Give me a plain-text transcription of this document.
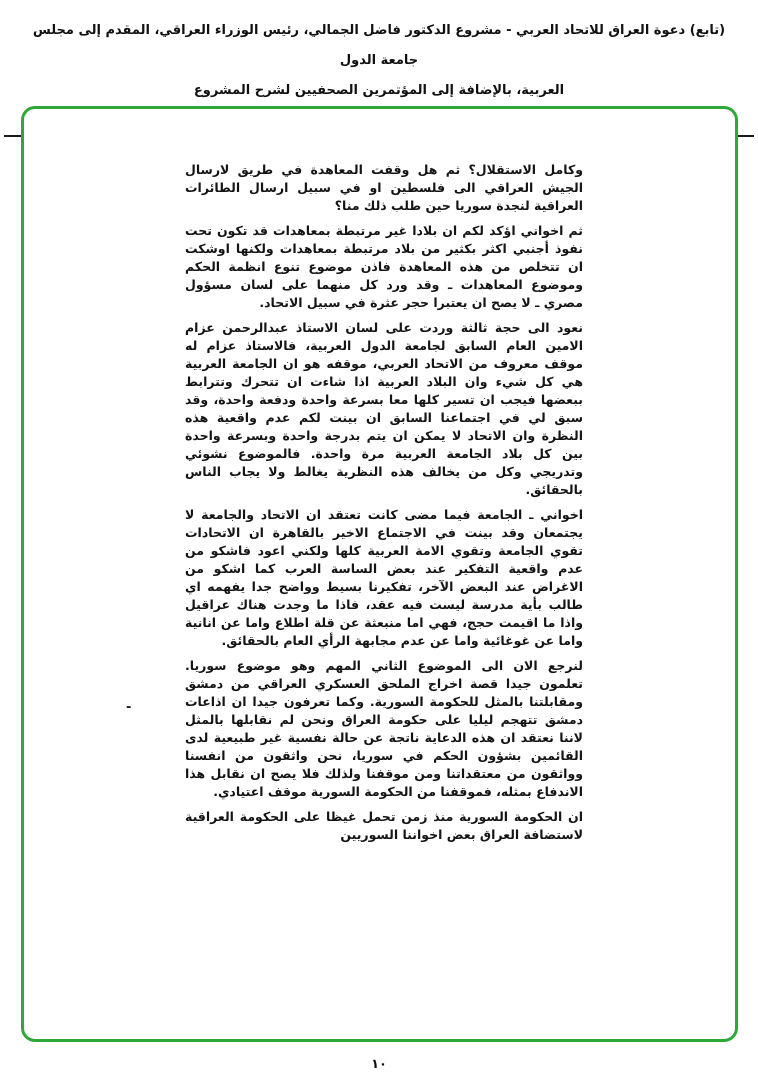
(تابع) دعوة العراق للاتحاد العربي - مشروع الدكتور فاضل الجمالي، رئيس الوزراء العراقي، المقدم إلى مجلس جامعة الدول
العربية، بالإضافة إلى المؤتمرين الصحفيين لشرح المشروع

وكامل الاستقلال؟ ثم هل وقفت المعاهدة في طريق لارسال الجيش العراقي الى فلسطين او في سبيل ارسال الطائرات العراقية لنجدة سوريا حين طلب ذلك منا؟

ثم اخواني اؤكد لكم ان بلادا غير مرتبطة بمعاهدات قد تكون تحت نفوذ أجنبي اكثر بكثير من بلاد مرتبطة بمعاهدات ولكنها اوشكت ان تتخلص من هذه المعاهدة فاذن موضوع تنوع انظمة الحكم وموضوع المعاهدات ـ وقد ورد كل منهما على لسان مسؤول مصري ـ لا يصح ان يعتبرا حجر عثرة في سبيل الاتحاد.

نعود الى حجة ثالثة وردت على لسان الاستاذ عبدالرحمن عزام الامين العام السابق لجامعة الدول العربية، فالاستاذ عزام له موقف معروف من الاتحاد العربي، موقفه هو ان الجامعة العربية هي كل شيء وان البلاد العربية اذا شاءت ان تتحرك وتترابط ببعضها فيجب ان تسير كلها معا بسرعة واحدة ودفعة واحدة، وقد سبق لي في اجتماعنا السابق ان بينت لكم عدم واقعية هذه النظرة وان الاتحاد لا يمكن ان يتم بدرجة واحدة وبسرعة واحدة بين كل بلاد الجامعة العربية مرة واحدة. فالموضوع نشوئي وتدريجي وكل من يخالف هذه النظرية يغالط ولا يجاب الناس بالحقائق.

اخواني ـ الجامعة فيما مضى كانت تعتقد ان الاتحاد والجامعة لا يجتمعان وقد بينت في الاجتماع الاخير بالقاهرة ان الاتحادات تقوي الجامعة وتقوي الامة العربية كلها ولكني اعود فاشكو من عدم واقعية التفكير عند بعض الساسة العرب كما اشكو من الاغراض عند البعض الآخر، تفكيرنا بسيط وواضح جدا يفهمه اي طالب بأية مدرسة ليست فيه عقد، فاذا ما وجدت هناك عراقيل واذا ما اقيمت حجج، فهي اما منبعثة عن قلة اطلاع واما عن انانية واما عن غوغائية واما عن عدم مجابهة الرأي العام بالحقائق.

لنرجع الان الى الموضوع الثاني المهم وهو موضوع سوريا. تعلمون جيدا قصة اخراج الملحق العسكري العراقي من دمشق ومقابلتنا بالمثل للحكومة السورية. وكما تعرفون جيدا ان اذاعات دمشق تتهجم ليليا على حكومة العراق ونحن لم نقابلها بالمثل لاننا نعتقد ان هذه الدعاية ناتجة عن حالة نفسية غير طبيعية لدى القائمين بشؤون الحكم في سوريا، نحن واثقون من انفسنا وواثقون من معتقداتنا ومن موقفنا ولذلك فلا يصح ان نقابل هذا الاندفاع بمثله، فموقفنا من الحكومة السورية موقف اعتيادي.

ان الحكومة السورية منذ زمن تحمل غيظا على الحكومة العراقية لاستضافة العراق بعض اخواننا السوريين

-
١٠
